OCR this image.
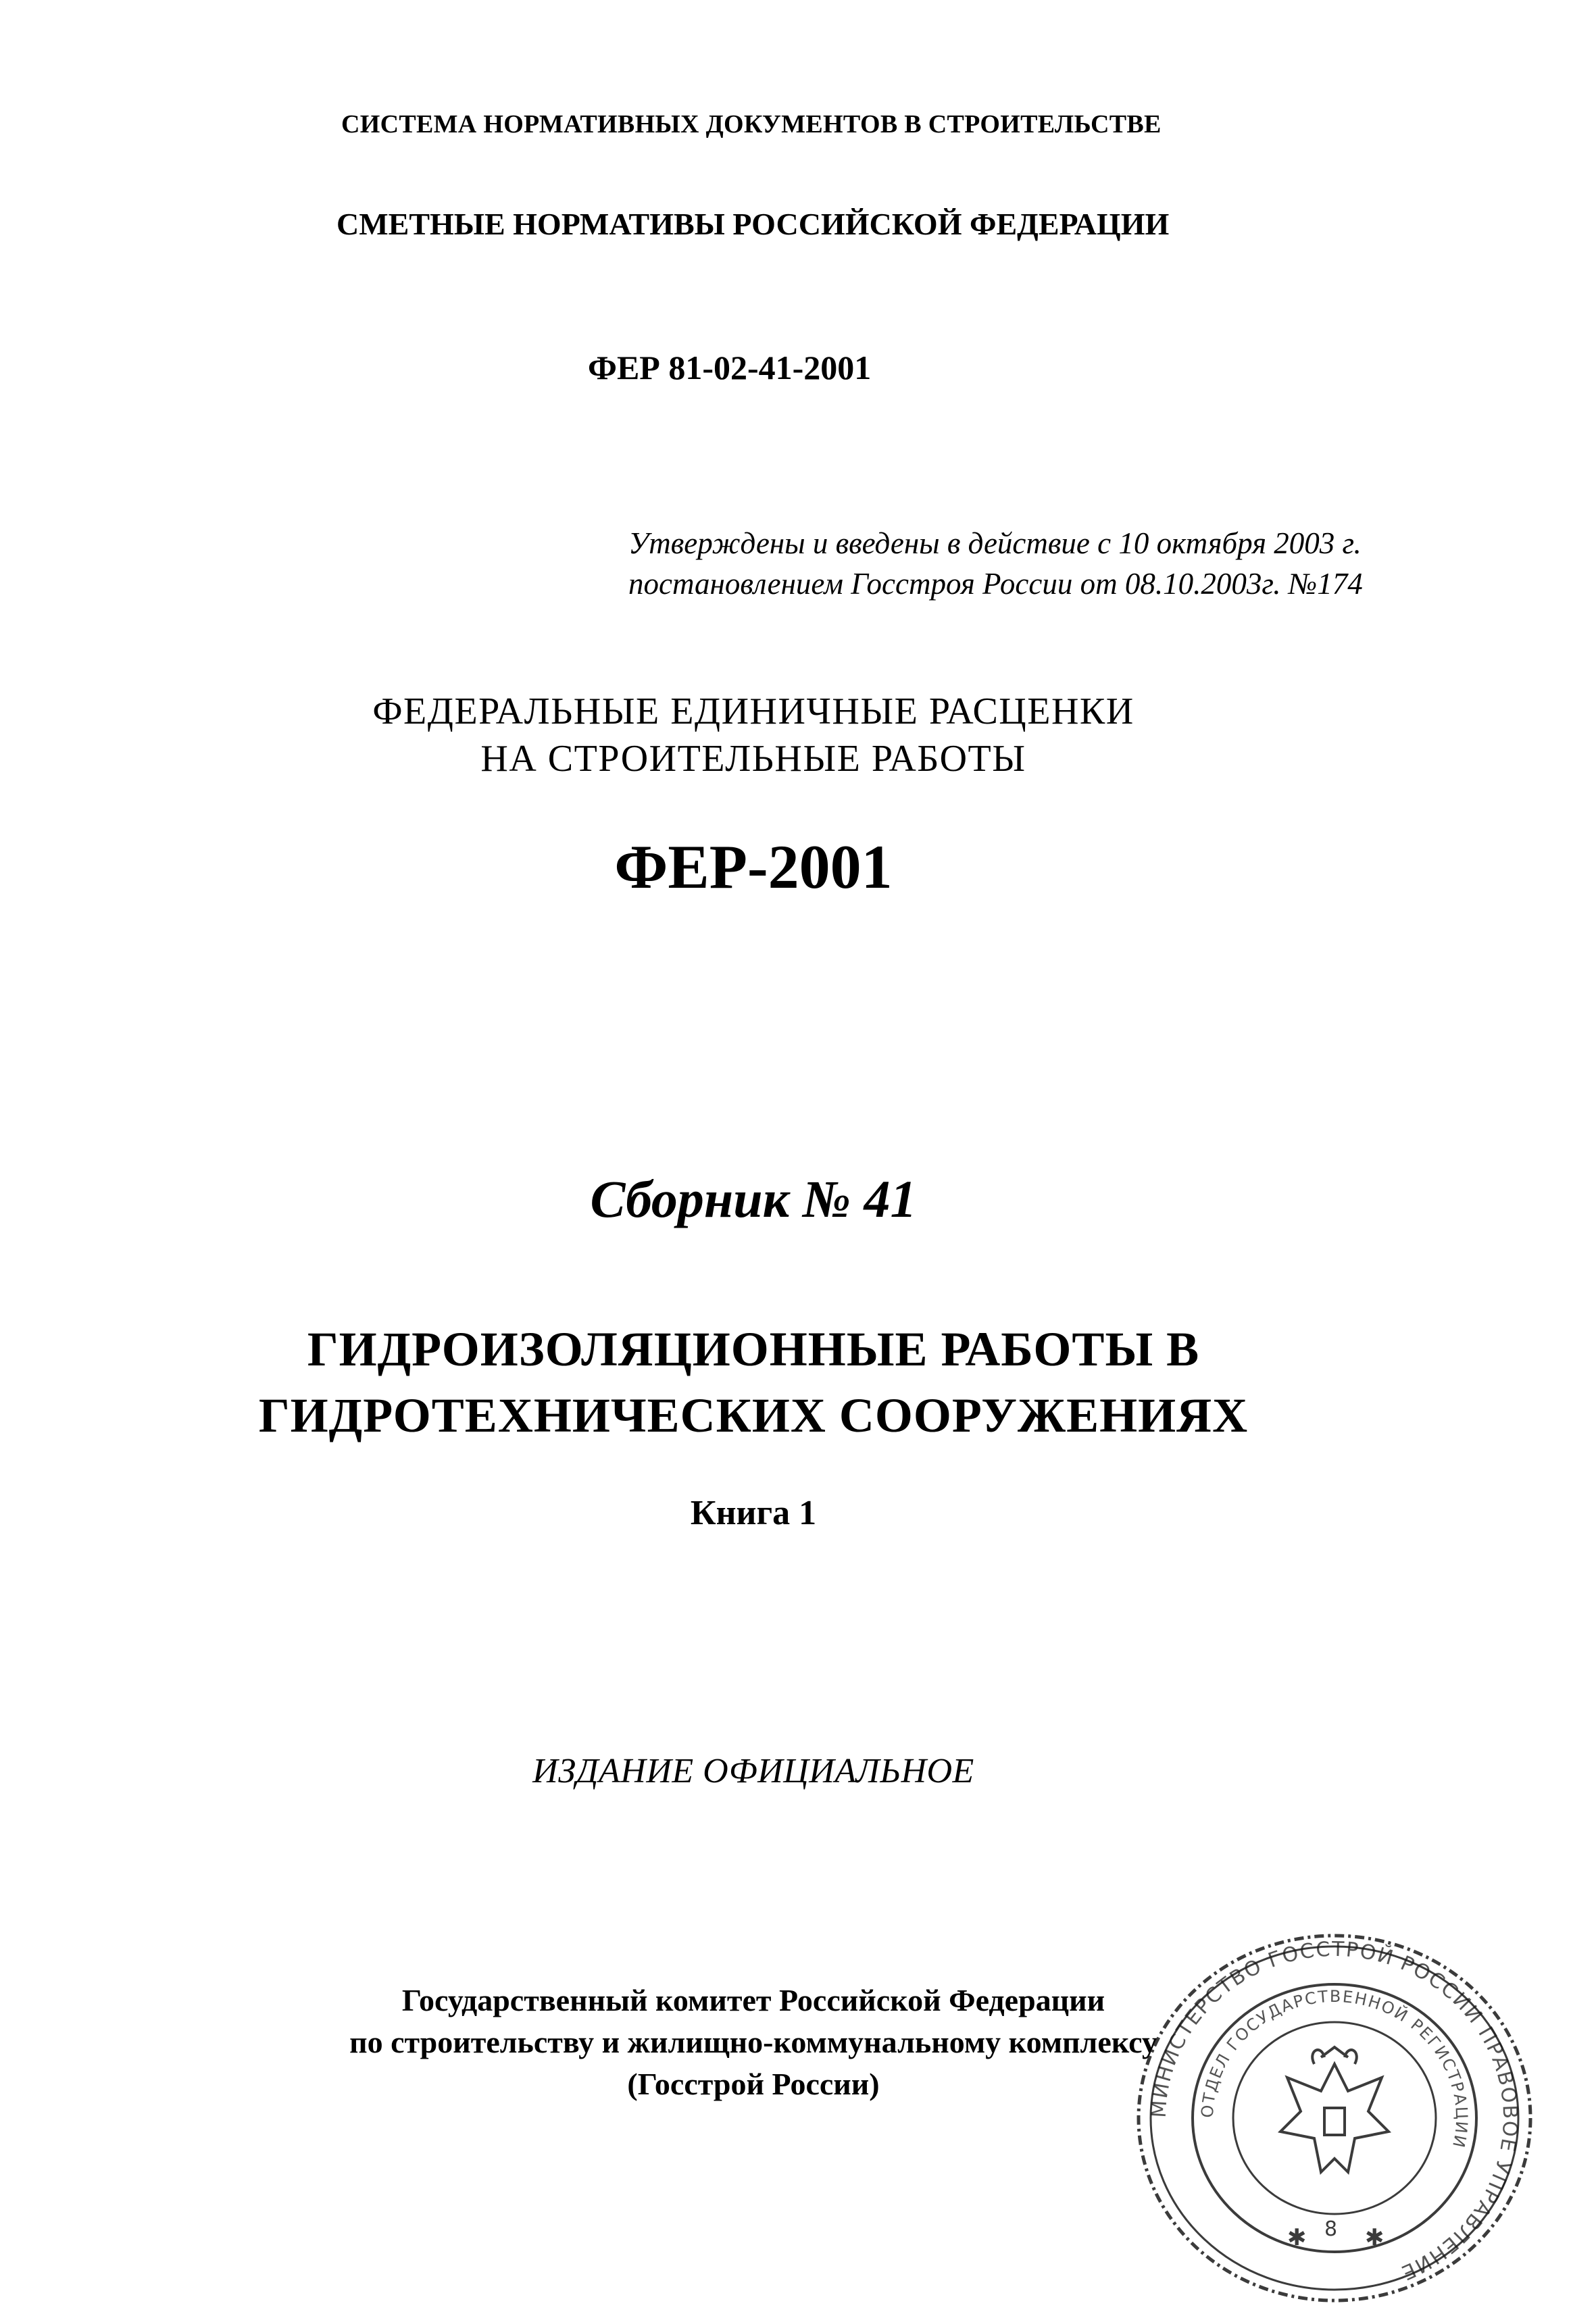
СИСТЕМА НОРМАТИВНЫХ ДОКУМЕНТОВ В СТРОИТЕЛЬСТВЕ
СМЕТНЫЕ НОРМАТИВЫ РОССИЙСКОЙ ФЕДЕРАЦИИ
ФЕР 81-02-41-2001
Утверждены и введены в действие с 10 октября 2003 г.
постановлением Госстроя России от 08.10.2003г. №174
ФЕДЕРАЛЬНЫЕ ЕДИНИЧНЫЕ РАСЦЕНКИ
НА СТРОИТЕЛЬНЫЕ РАБОТЫ
ФЕР-2001
Сборник № 41
ГИДРОИЗОЛЯЦИОННЫЕ РАБОТЫ В
ГИДРОТЕХНИЧЕСКИХ СООРУЖЕНИЯХ
Книга 1
ИЗДАНИЕ ОФИЦИАЛЬНОЕ
Государственный комитет Российской Федерации
по строительству и жилищно-коммунальному комплексу
(Госстрой России)
✱	✱
8
МИНИСТЕРСТВО ГОССТРОЙ РОССИИ ПРАВОВОЕ УПРАВЛЕНИЕ
ОТДЕЛ ГОСУДАРСТВЕННОЙ РЕГИСТРАЦИИ
